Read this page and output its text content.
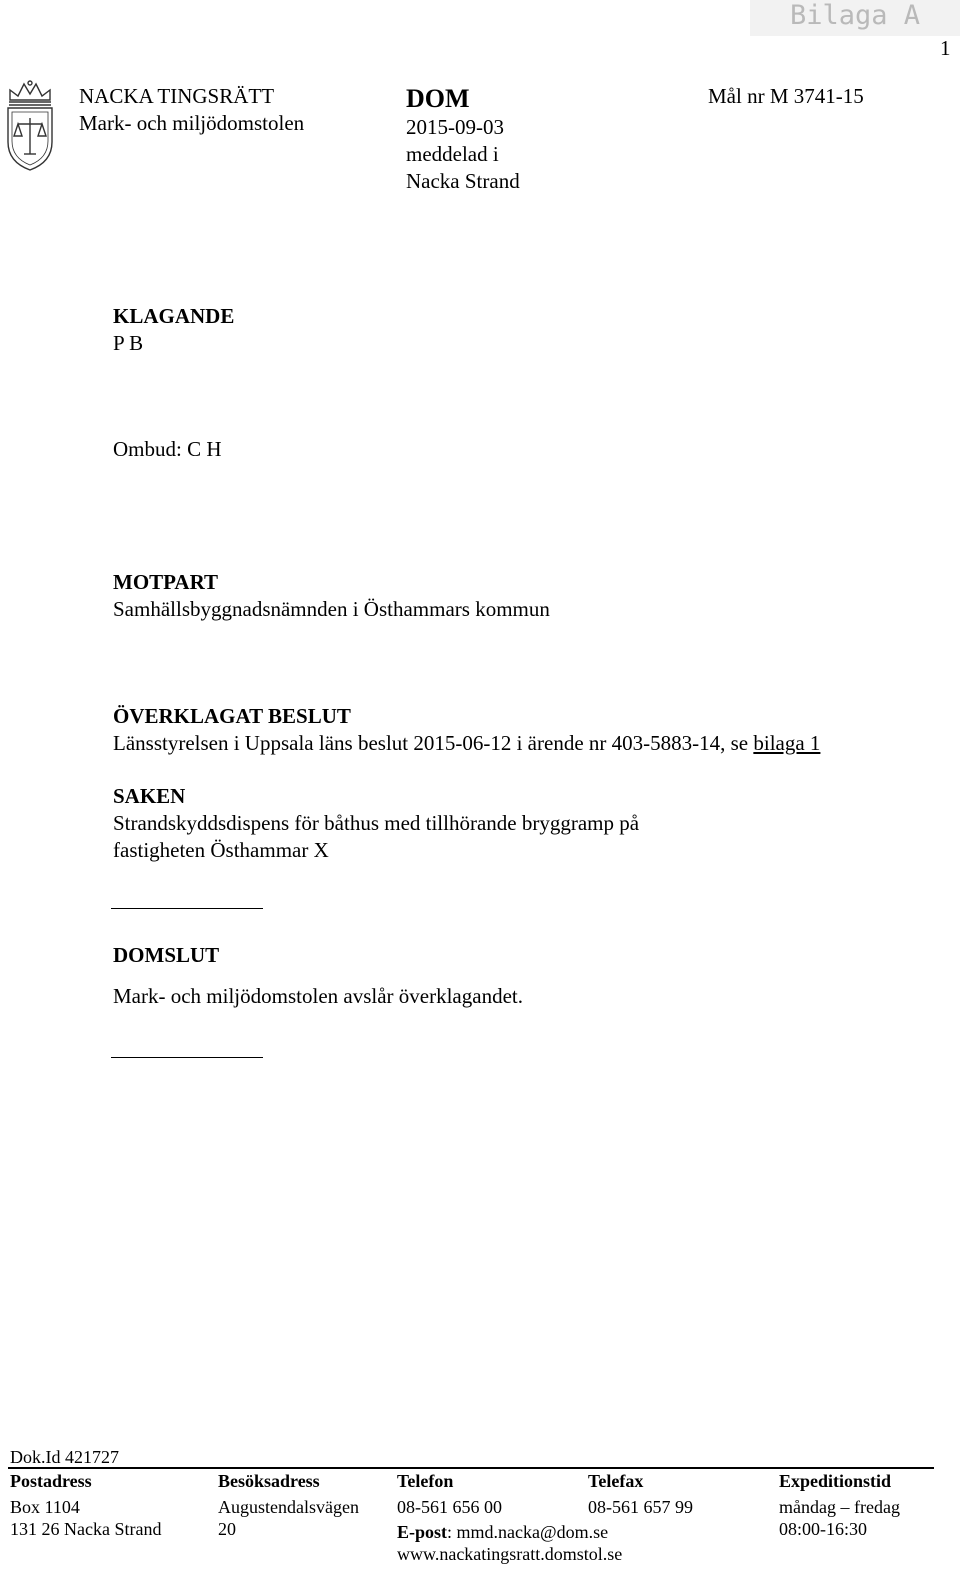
Bilaga A
1
NACKA TINGSRÄTT
Mark- och miljödomstolen
DOM
2015-09-03
meddelad i
Nacka Strand
Mål nr M 3741-15
KLAGANDE
P B
Ombud: C H
MOTPART
Samhällsbyggnadsnämnden i Östhammars kommun
ÖVERKLAGAT BESLUT
Länsstyrelsen i Uppsala läns beslut 2015-06-12 i ärende nr 403-5883-14, se bilaga 1
SAKEN
Strandskyddsdispens för båthus med tillhörande bryggramp på
fastigheten Östhammar X
DOMSLUT
Mark- och miljödomstolen avslår överklagandet.
Dok.Id 421727
Postadress
Box 1104
131 26 Nacka Strand
Besöksadress
Augustendalsvägen
20
Telefon
08-561 656 00
E-post: mmd.nacka@dom.se
www.nackatingsratt.domstol.se
Telefax
08-561 657 99
Expeditionstid
måndag – fredag
08:00-16:30
